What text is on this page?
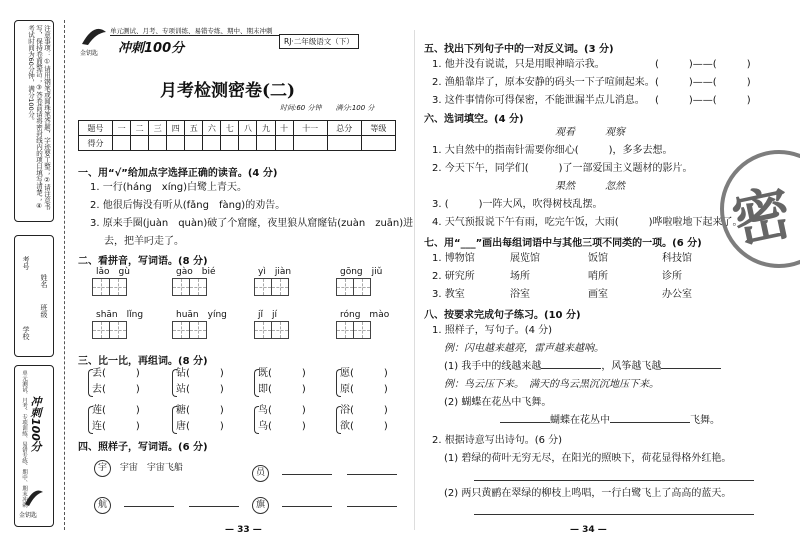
注意事项：①请用钢笔或圆珠笔答题，字迹要工整；②请注意书写，保持卷面整洁；③答卷前请将密封线内的项目填写清楚；④考试时间为60分钟，满分100分。
姓名
班级
学校
考号
单元测试、月考、专项训练、易错专练、期中、期末冲刺 冲刺100分
金钥匙
金钥匙
单元测试、月考、专项训练、易错专练、期中、期末冲刺
冲刺100分	RJ·二年级语文（下）
月考检测密卷(二)
时间:60 分钟　　满分:100 分
题号	一	二	三	四	五	六	七	八	九	十	十一	总分	等级
得分													
一、用“√”给加点字选择正确的读音。(4 分)
1. 一行(háng　xíng)白鹭上青天。
2. 他很后悔没有听从(fǎng　fàng)的劝告。
3. 原来手圈(juàn　quàn)破了个窟窿，夜里狼从窟窿钻(zuàn　zuān)进
去，把羊叼走了。
二、看拼音，写词语。(8 分)
lǎo　gù	gào　bié	yì　jiàn	gōng　jiǔ
shān　lǐng	huān　yíng	jǐ　jí	róng　mào
三、比一比，再组词。(8 分)
丢(　　　)
去(　　　)
莲(　　　)
连(　　　)
钻(　　　)
站(　　　)
糖(　　　)
唐(　　　)
既(　　　)
即(　　　)
鸟(　　　)
乌(　　　)
愿(　　　)
原(　　　)
浴(　　　)
欲(　　　)
四、照样子，写词语。(6 分)
宇 宇宙　宇宙飞船	员
航	旗
— 33 —
五、找出下列句子中的一对反义词。(3 分)
1. 他并没有说谎，只是用眼神暗示我。	(　　　)——(　　　)
2. 渔船靠岸了，原本安静的码头一下子喧闹起来。 (　　　)——(　　　)
3. 这件事情你可得保密，不能泄漏半点儿消息。 (　　　)——(　　　)
六、选词填空。(4 分)
观看　　　观察
1. 大自然中的指南针需要你细心(　　　)，多多去想。
2. 今天下午，同学们(　　　)了一部爱国主义题材的影片。
果然　　　忽然
3. (　　　)一阵大风，吹得树枝乱摆。
4. 天气预报说下午有雨，吃完午饭，大雨(　　　)哗啦啦地下起来了。
七、用“___”画出每组词语中与其他三项不同类的一项。(6 分)
1. 博物馆	展览馆	饭馆	科技馆
2. 研究所	场所	哨所	诊所
3. 教室	浴室	画室	办公室
八、按要求完成句子练习。(10 分)
1. 照样子，写句子。(4 分)
例：闪电越来越亮，雷声越来越响。
(1) 我手中的线越来越	，风筝越飞越
例：鸟云压下来。　满天的鸟云黑沉沉地压下来。
(2) 蝴蝶在花丛中飞舞。
蝴蝶在花丛中	飞舞。
2. 根据诗意写出诗句。(6 分)
(1) 碧绿的荷叶无穷无尽，在阳光的照映下，荷花显得格外红艳。
(2) 两只黄鹂在翠绿的柳枝上鸣唱，一行白鹭飞上了高高的蓝天。
— 34 —
密
